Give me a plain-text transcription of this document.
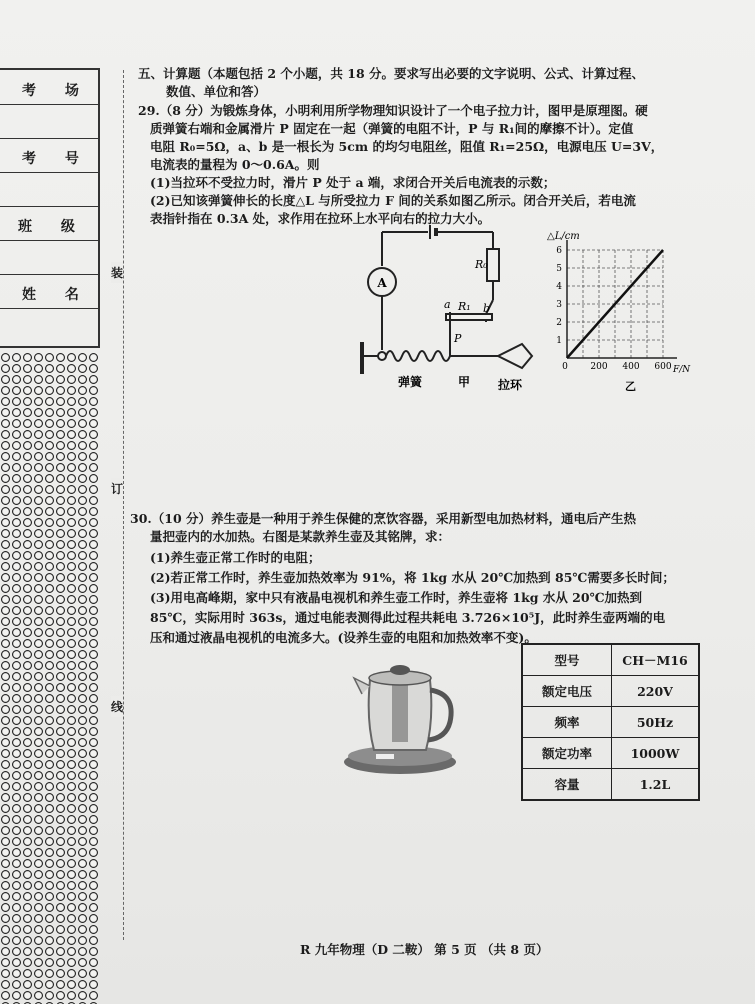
考 场
考 号
班 级
姓 名
装
订
线
五、计算题（本题包括 2 个小题，共 18 分。要求写出必要的文字说明、公式、计算过程、
数值、单位和答）
29.（8 分）为锻炼身体，小明利用所学物理知识设计了一个电子拉力计，图甲是原理图。硬
质弹簧右端和金属滑片 P 固定在一起（弹簧的电阻不计，P 与 R₁间的摩擦不计）。定值
电阻 R₀=5Ω，a、b 是一根长为 5cm 的均匀电阻丝，阻值 R₁=25Ω，电源电压 U=3V，
电流表的量程为 0～0.6A。则
(1)当拉环不受拉力时，滑片 P 处于 a 端，求闭合开关后电流表的示数；
(2)已知该弹簧伸长的长度△L 与所受拉力 F 间的关系如图乙所示。闭合开关后，若电流
表指针指在 0.3A 处，求作用在拉环上水平向右的拉力大小。
A
R₀
R₁
a	b
P
弹簧	甲 拉环
1
2
3
4
5
6
0	200 400 600
△L/cm
F/N
乙
30.（10 分）养生壶是一种用于养生保健的烹饮容器，采用新型电加热材料，通电后产生热
量把壶内的水加热。右图是某款养生壶及其铭牌，求：
(1)养生壶正常工作时的电阻；
(2)若正常工作时，养生壶加热效率为 91%，将 1kg 水从 20℃加热到 85℃需要多长时间；
(3)用电高峰期，家中只有液晶电视机和养生壶工作时，养生壶将 1kg 水从 20℃加热到
85℃，实际用时 363s，通过电能表测得此过程共耗电 3.726×10⁵J，此时养生壶两端的电
压和通过液晶电视机的电流多大。(设养生壶的电阻和加热效率不变)。
型号	CH－M16
额定电压	220V
频率	50Hz
额定功率	1000W
容量	1.2L
R 九年物理（D 二鞍） 第 5 页 （共 8 页）
